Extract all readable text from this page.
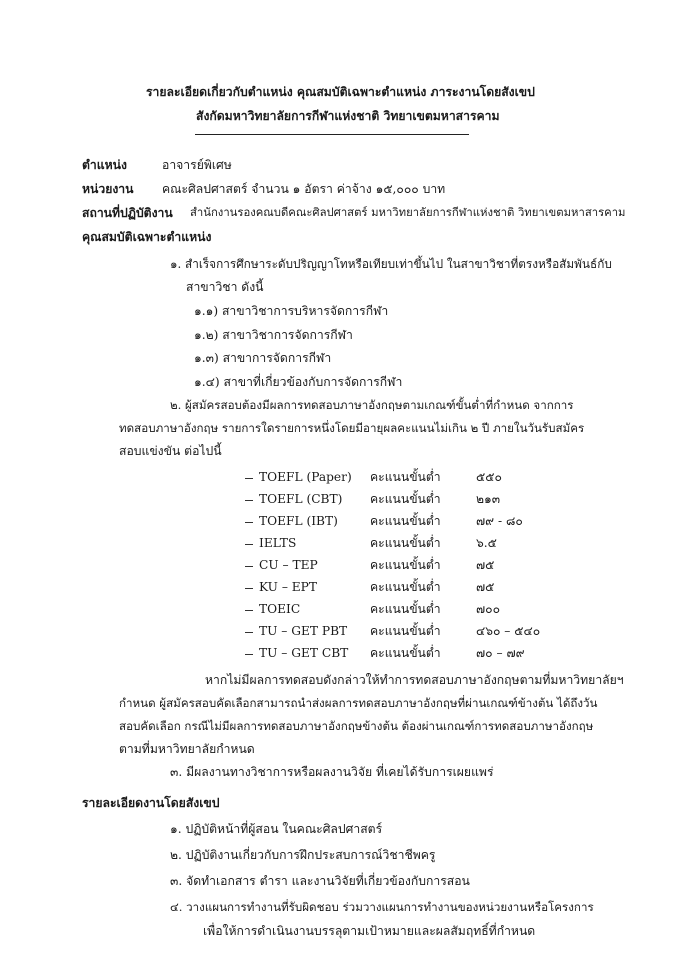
รายละเอียดเกี่ยวกับตำแหน่ง คุณสมบัติเฉพาะตำแหน่ง ภาระงานโดยสังเขป
สังกัดมหาวิทยาลัยการกีฬาแห่งชาติ วิทยาเขตมหาสารคาม
ตำแหน่ง	อาจารย์พิเศษ
หน่วยงาน คณะศิลปศาสตร์ จำนวน ๑ อัตรา ค่าจ้าง ๑๕,๐๐๐ บาท
สถานที่ปฏิบัติงาน สำนักงานรองคณบดีคณะศิลปศาสตร์ มหาวิทยาลัยการกีฬาแห่งชาติ วิทยาเขตมหาสารคาม
คุณสมบัติเฉพาะตำแหน่ง
๑. สำเร็จการศึกษาระดับปริญญาโทหรือเทียบเท่าขึ้นไป ในสาขาวิชาที่ตรงหรือสัมพันธ์กับ
สาขาวิชา ดังนี้
๑.๑) สาขาวิชาการบริหารจัดการกีฬา
๑.๒) สาขาวิชาการจัดการกีฬา
๑.๓) สาขาการจัดการกีฬา
๑.๔) สาขาที่เกี่ยวข้องกับการจัดการกีฬา
๒. ผู้สมัครสอบต้องมีผลการทดสอบภาษาอังกฤษตามเกณฑ์ขั้นต่ำที่กำหนด จากการ
ทดสอบภาษาอังกฤษ รายการใดรายการหนึ่งโดยมีอายุผลคะแนนไม่เกิน ๒ ปี ภายในวันรับสมัคร
สอบแข่งขัน ต่อไปนี้
TOEFL (Paper) คะแนนขั้นต่ำ	๕๕๐
TOEFL (CBT) คะแนนขั้นต่ำ	๒๑๓
TOEFL (IBT)	คะแนนขั้นต่ำ	๗๙ - ๘๐
IELTS	คะแนนขั้นต่ำ	๖.๕
CU – TEP	คะแนนขั้นต่ำ	๗๕
KU – EPT	คะแนนขั้นต่ำ	๗๕
TOEIC	คะแนนขั้นต่ำ	๗๐๐
TU – GET PBT คะแนนขั้นต่ำ	๔๖๐ – ๕๔๐
TU – GET CBT คะแนนขั้นต่ำ	๗๐ – ๗๙
หากไม่มีผลการทดสอบดังกล่าวให้ทำการทดสอบภาษาอังกฤษตามที่มหาวิทยาลัยฯ
กำหนด ผู้สมัครสอบคัดเลือกสามารถนำส่งผลการทดสอบภาษาอังกฤษที่ผ่านเกณฑ์ข้างต้น ได้ถึงวัน
สอบคัดเลือก กรณีไม่มีผลการทดสอบภาษาอังกฤษข้างต้น ต้องผ่านเกณฑ์การทดสอบภาษาอังกฤษ
ตามที่มหาวิทยาลัยกำหนด
๓. มีผลงานทางวิชาการหรือผลงานวิจัย ที่เคยได้รับการเผยแพร่
รายละเอียดงานโดยสังเขป
๑. ปฏิบัติหน้าที่ผู้สอน ในคณะศิลปศาสตร์
๒. ปฏิบัติงานเกี่ยวกับการฝึกประสบการณ์วิชาชีพครู
๓. จัดทำเอกสาร ตำรา และงานวิจัยที่เกี่ยวข้องกับการสอน
๔. วางแผนการทำงานที่รับผิดชอบ ร่วมวางแผนการทำงานของหน่วยงานหรือโครงการ
เพื่อให้การดำเนินงานบรรลุตามเป้าหมายและผลสัมฤทธิ์ที่กำหนด
